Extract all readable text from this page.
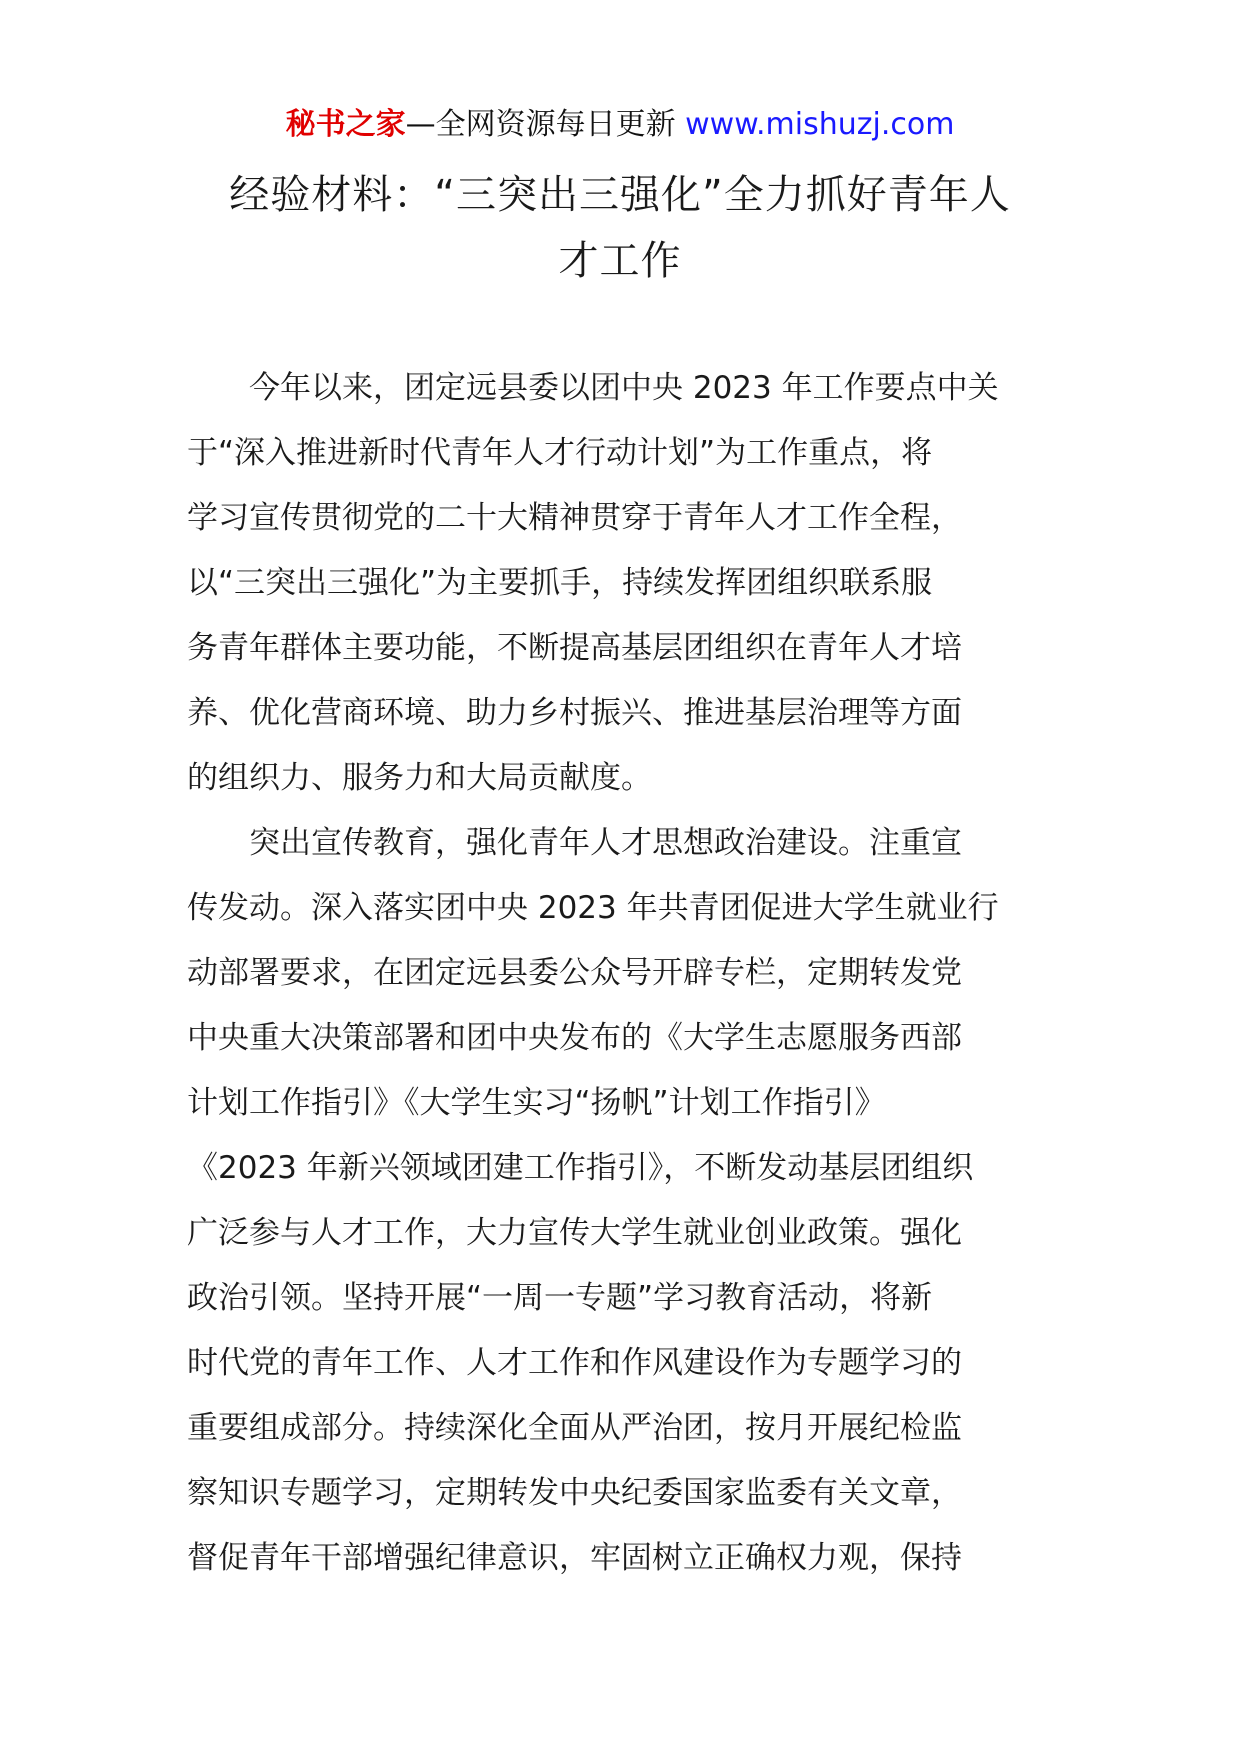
秘书之家—全网资源每日更新 www.mishuzj.com
经验材料：“三突出三强化”全力抓好青年人
才工作

　　今年以来，团定远县委以团中央 2023 年工作要点中关
于“深入推进新时代青年人才行动计划”为工作重点，将
学习宣传贯彻党的二十大精神贯穿于青年人才工作全程，
以“三突出三强化”为主要抓手，持续发挥团组织联系服
务青年群体主要功能，不断提高基层团组织在青年人才培
养、优化营商环境、助力乡村振兴、推进基层治理等方面
的组织力、服务力和大局贡献度。

　　突出宣传教育，强化青年人才思想政治建设。注重宣
传发动。深入落实团中央 2023 年共青团促进大学生就业行
动部署要求，在团定远县委公众号开辟专栏，定期转发党
中央重大决策部署和团中央发布的《大学生志愿服务西部
计划工作指引》《大学生实习“扬帆”计划工作指引》
《2023 年新兴领域团建工作指引》，不断发动基层团组织
广泛参与人才工作，大力宣传大学生就业创业政策。强化
政治引领。坚持开展“一周一专题”学习教育活动，将新
时代党的青年工作、人才工作和作风建设作为专题学习的
重要组成部分。持续深化全面从严治团，按月开展纪检监
察知识专题学习，定期转发中央纪委国家监委有关文章，
督促青年干部增强纪律意识，牢固树立正确权力观，保持
